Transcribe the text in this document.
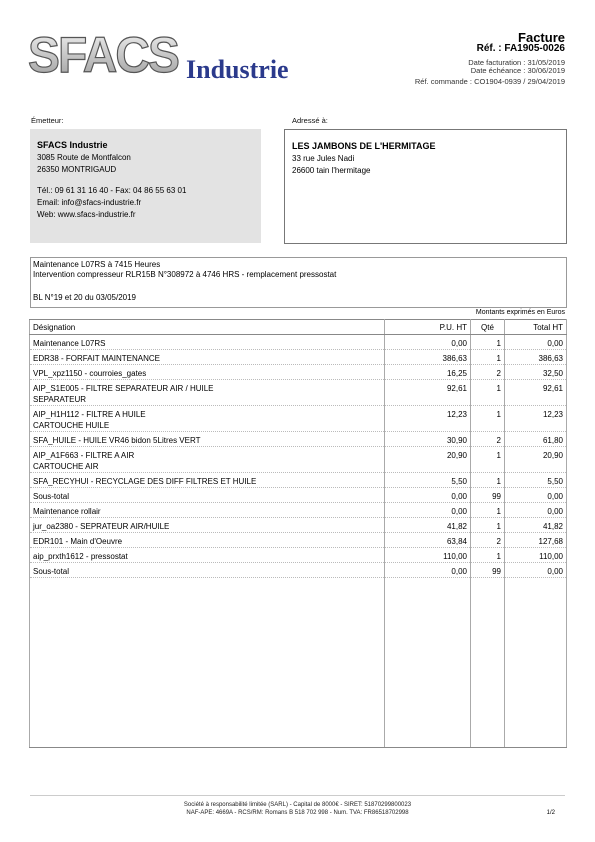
SFACS Industrie
Facture
Réf. : FA1905-0026
Date facturation : 31/05/2019
Date échéance : 30/06/2019
Réf. commande : CO1904-0939 / 29/04/2019
Émetteur:	Adressé à:
SFACS Industrie
3085 Route de Montfalcon
26350 MONTRIGAUD
Tél.: 09 61 31 16 40 - Fax: 04 86 55 63 01
Email: info@sfacs-industrie.fr
Web: www.sfacs-industrie.fr
LES JAMBONS DE L'HERMITAGE
33 rue Jules Nadi
26600 tain l'hermitage
Maintenance L07RS à 7415 Heures
Intervention compresseur RLR15B N°308972 à 4746 HRS - remplacement pressostat
BL N°19 et 20 du 03/05/2019
Montants exprimés en Euros
Désignation	P.U. HT	Qté	Total HT

Maintenance L07RS	0,00	1	0,00

EDR38 - FORFAIT MAINTENANCE	386,63	1	386,63

VPL_xpz1150 - courroies_gates	16,25	2	32,50

AIP_S1E005 - FILTRE SEPARATEUR AIR / HUILE
SEPARATEUR	92,61	1	92,61

AIP_H1H112 - FILTRE A HUILE
CARTOUCHE HUILE	12,23	1	12,23

SFA_HUILE - HUILE VR46 bidon 5Litres VERT	30,90	2	61,80

AIP_A1F663 - FILTRE A AIR
CARTOUCHE AIR	20,90	1	20,90

SFA_RECYHUI - RECYCLAGE DES DIFF FILTRES ET HUILE	5,50	1	5,50

Sous-total	0,00	99	0,00

Maintenance rollair	0,00	1	0,00

jur_oa2380 - SEPRATEUR AIR/HUILE	41,82	1	41,82

EDR101 - Main d'Oeuvre	63,84	2	127,68

aip_prxth1612 - pressostat	110,00	1	110,00

Sous-total	0,00	99	0,00

Société à responsabilité limitée (SARL) - Capital de 8000€ - SIRET: 51870299800023
NAF-APE: 4669A - RCS/RM: Romans B 518 702 998 - Num. TVA: FR86518702998	1/2
